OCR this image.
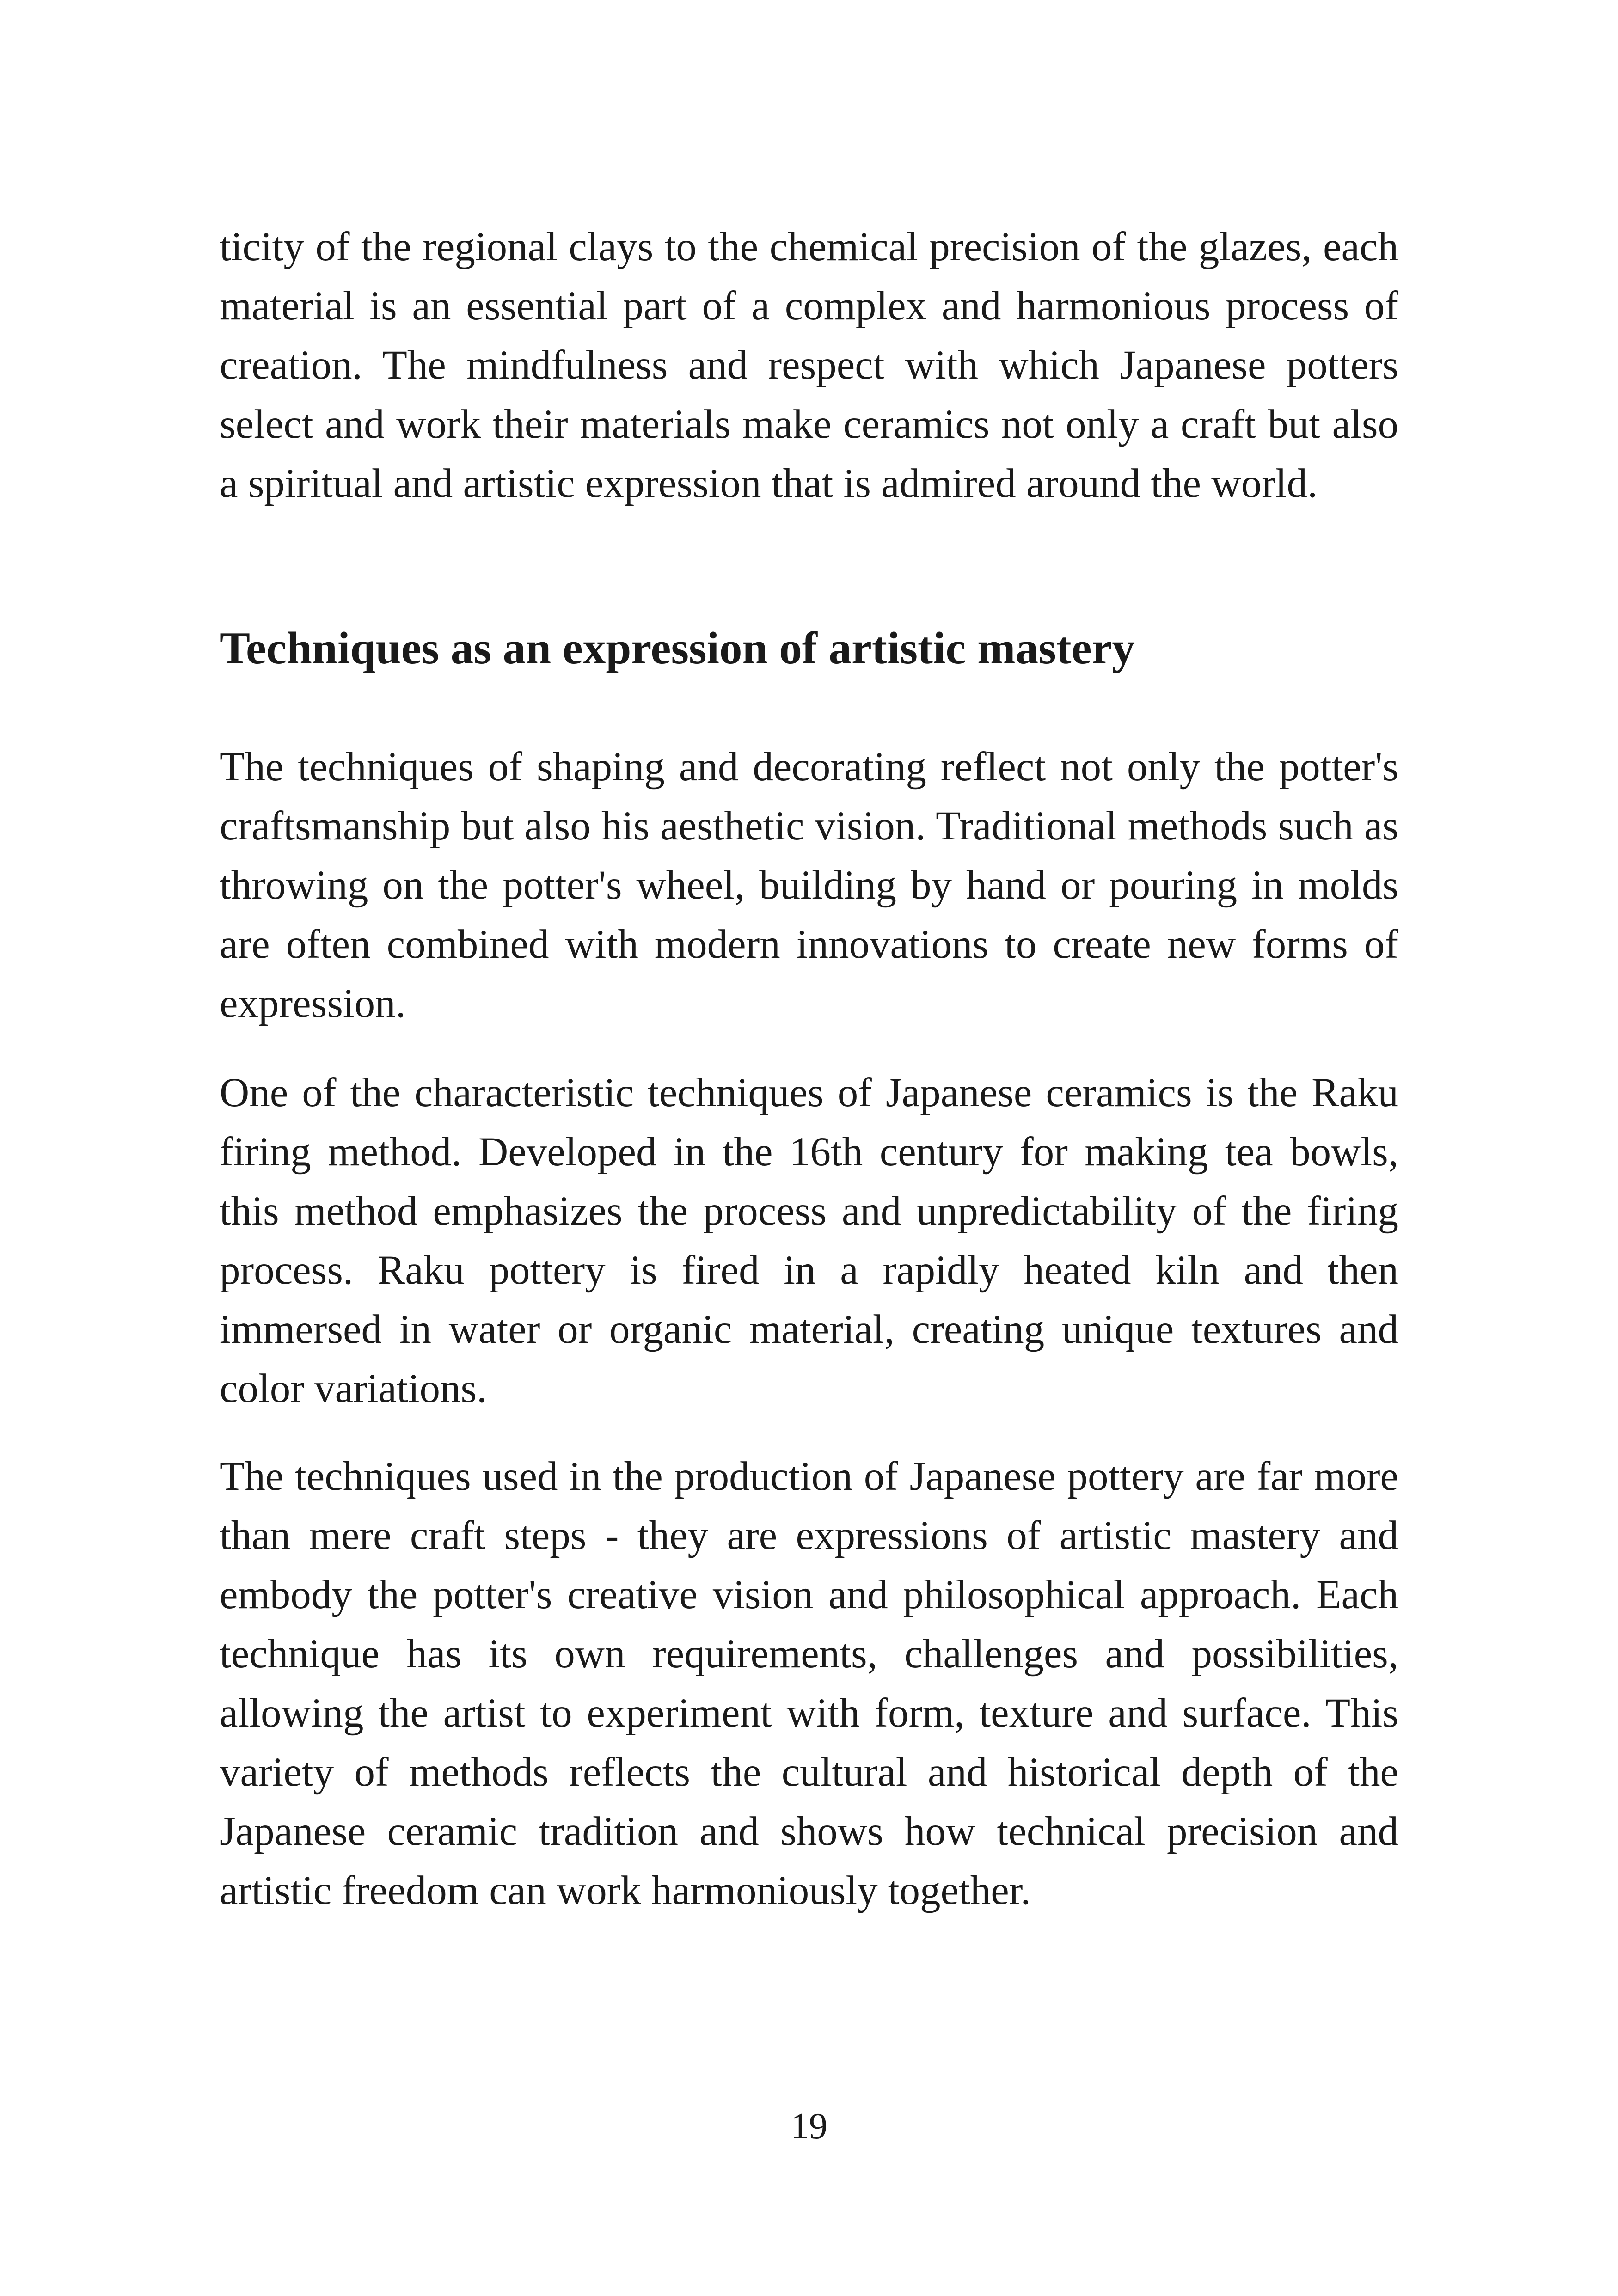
ticity of the regional clays to the chemical precision of the glazes, each material is an essential part of a complex and harmonious process of creation. The mindfulness and respect with which Japanese potters select and work their materials make ceramics not only a craft but also a spiritual and artistic expression that is admired around the world.

Techniques as an expression of artistic mastery

The techniques of shaping and decorating reflect not only the potter's craftsmanship but also his aesthetic vision. Traditional methods such as throwing on the potter's wheel, building by hand or pouring in molds are often combined with modern innovations to create new forms of expression.

One of the characteristic techniques of Japanese ceramics is the Raku firing method. Developed in the 16th century for making tea bowls, this method emphasizes the process and unpredictability of the firing process. Raku pottery is fired in a rapidly heated kiln and then immersed in water or organic material, creating unique textures and color variations.

The techniques used in the production of Japanese pottery are far more than mere craft steps - they are expressions of artistic mastery and embody the potter's creative vision and philosophical approach. Each technique has its own requirements, challenges and possibilities, allowing the artist to experiment with form, texture and surface. This variety of methods reflects the cultural and historical depth of the Japanese ceramic tradition and shows how technical precision and artistic freedom can work harmoniously together.

19
